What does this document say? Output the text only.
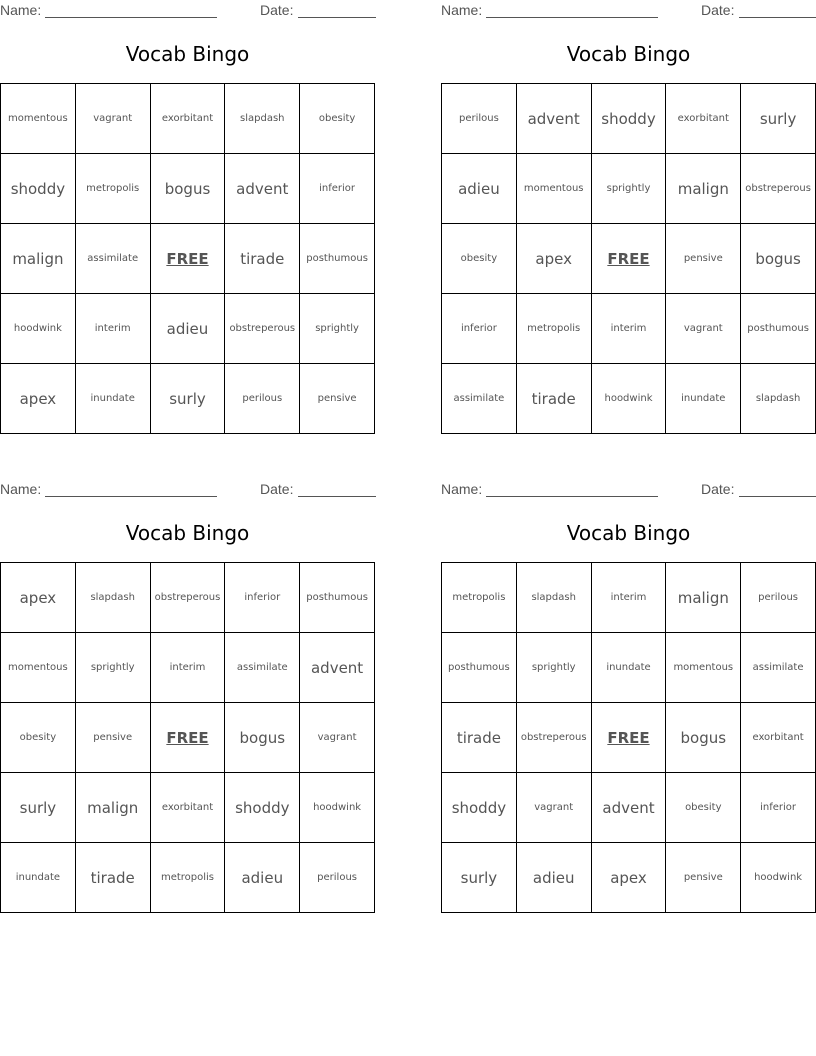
Name:	Date:
Vocab Bingo
momentous	vagrant	exorbitant	slapdash	obesity
shoddy	metropolis	bogus	advent	inferior
malign	assimilate	FREE	tirade	posthumous
hoodwink	interim	adieu	obstreperous	sprightly
apex	inundate	surly	perilous	pensive
Name:	Date:
Vocab Bingo
perilous	advent	shoddy	exorbitant	surly
adieu	momentous	sprightly	malign	obstreperous
obesity	apex	FREE	pensive	bogus
inferior	metropolis	interim	vagrant	posthumous
assimilate	tirade	hoodwink	inundate	slapdash
Name:	Date:
Vocab Bingo
apex	slapdash	obstreperous	inferior	posthumous
momentous	sprightly	interim	assimilate	advent
obesity	pensive	FREE	bogus	vagrant
surly	malign	exorbitant	shoddy	hoodwink
inundate	tirade	metropolis	adieu	perilous
Name:	Date:
Vocab Bingo
metropolis	slapdash	interim	malign	perilous
posthumous	sprightly	inundate	momentous	assimilate
tirade	obstreperous	FREE	bogus	exorbitant
shoddy	vagrant	advent	obesity	inferior
surly	adieu	apex	pensive	hoodwink
